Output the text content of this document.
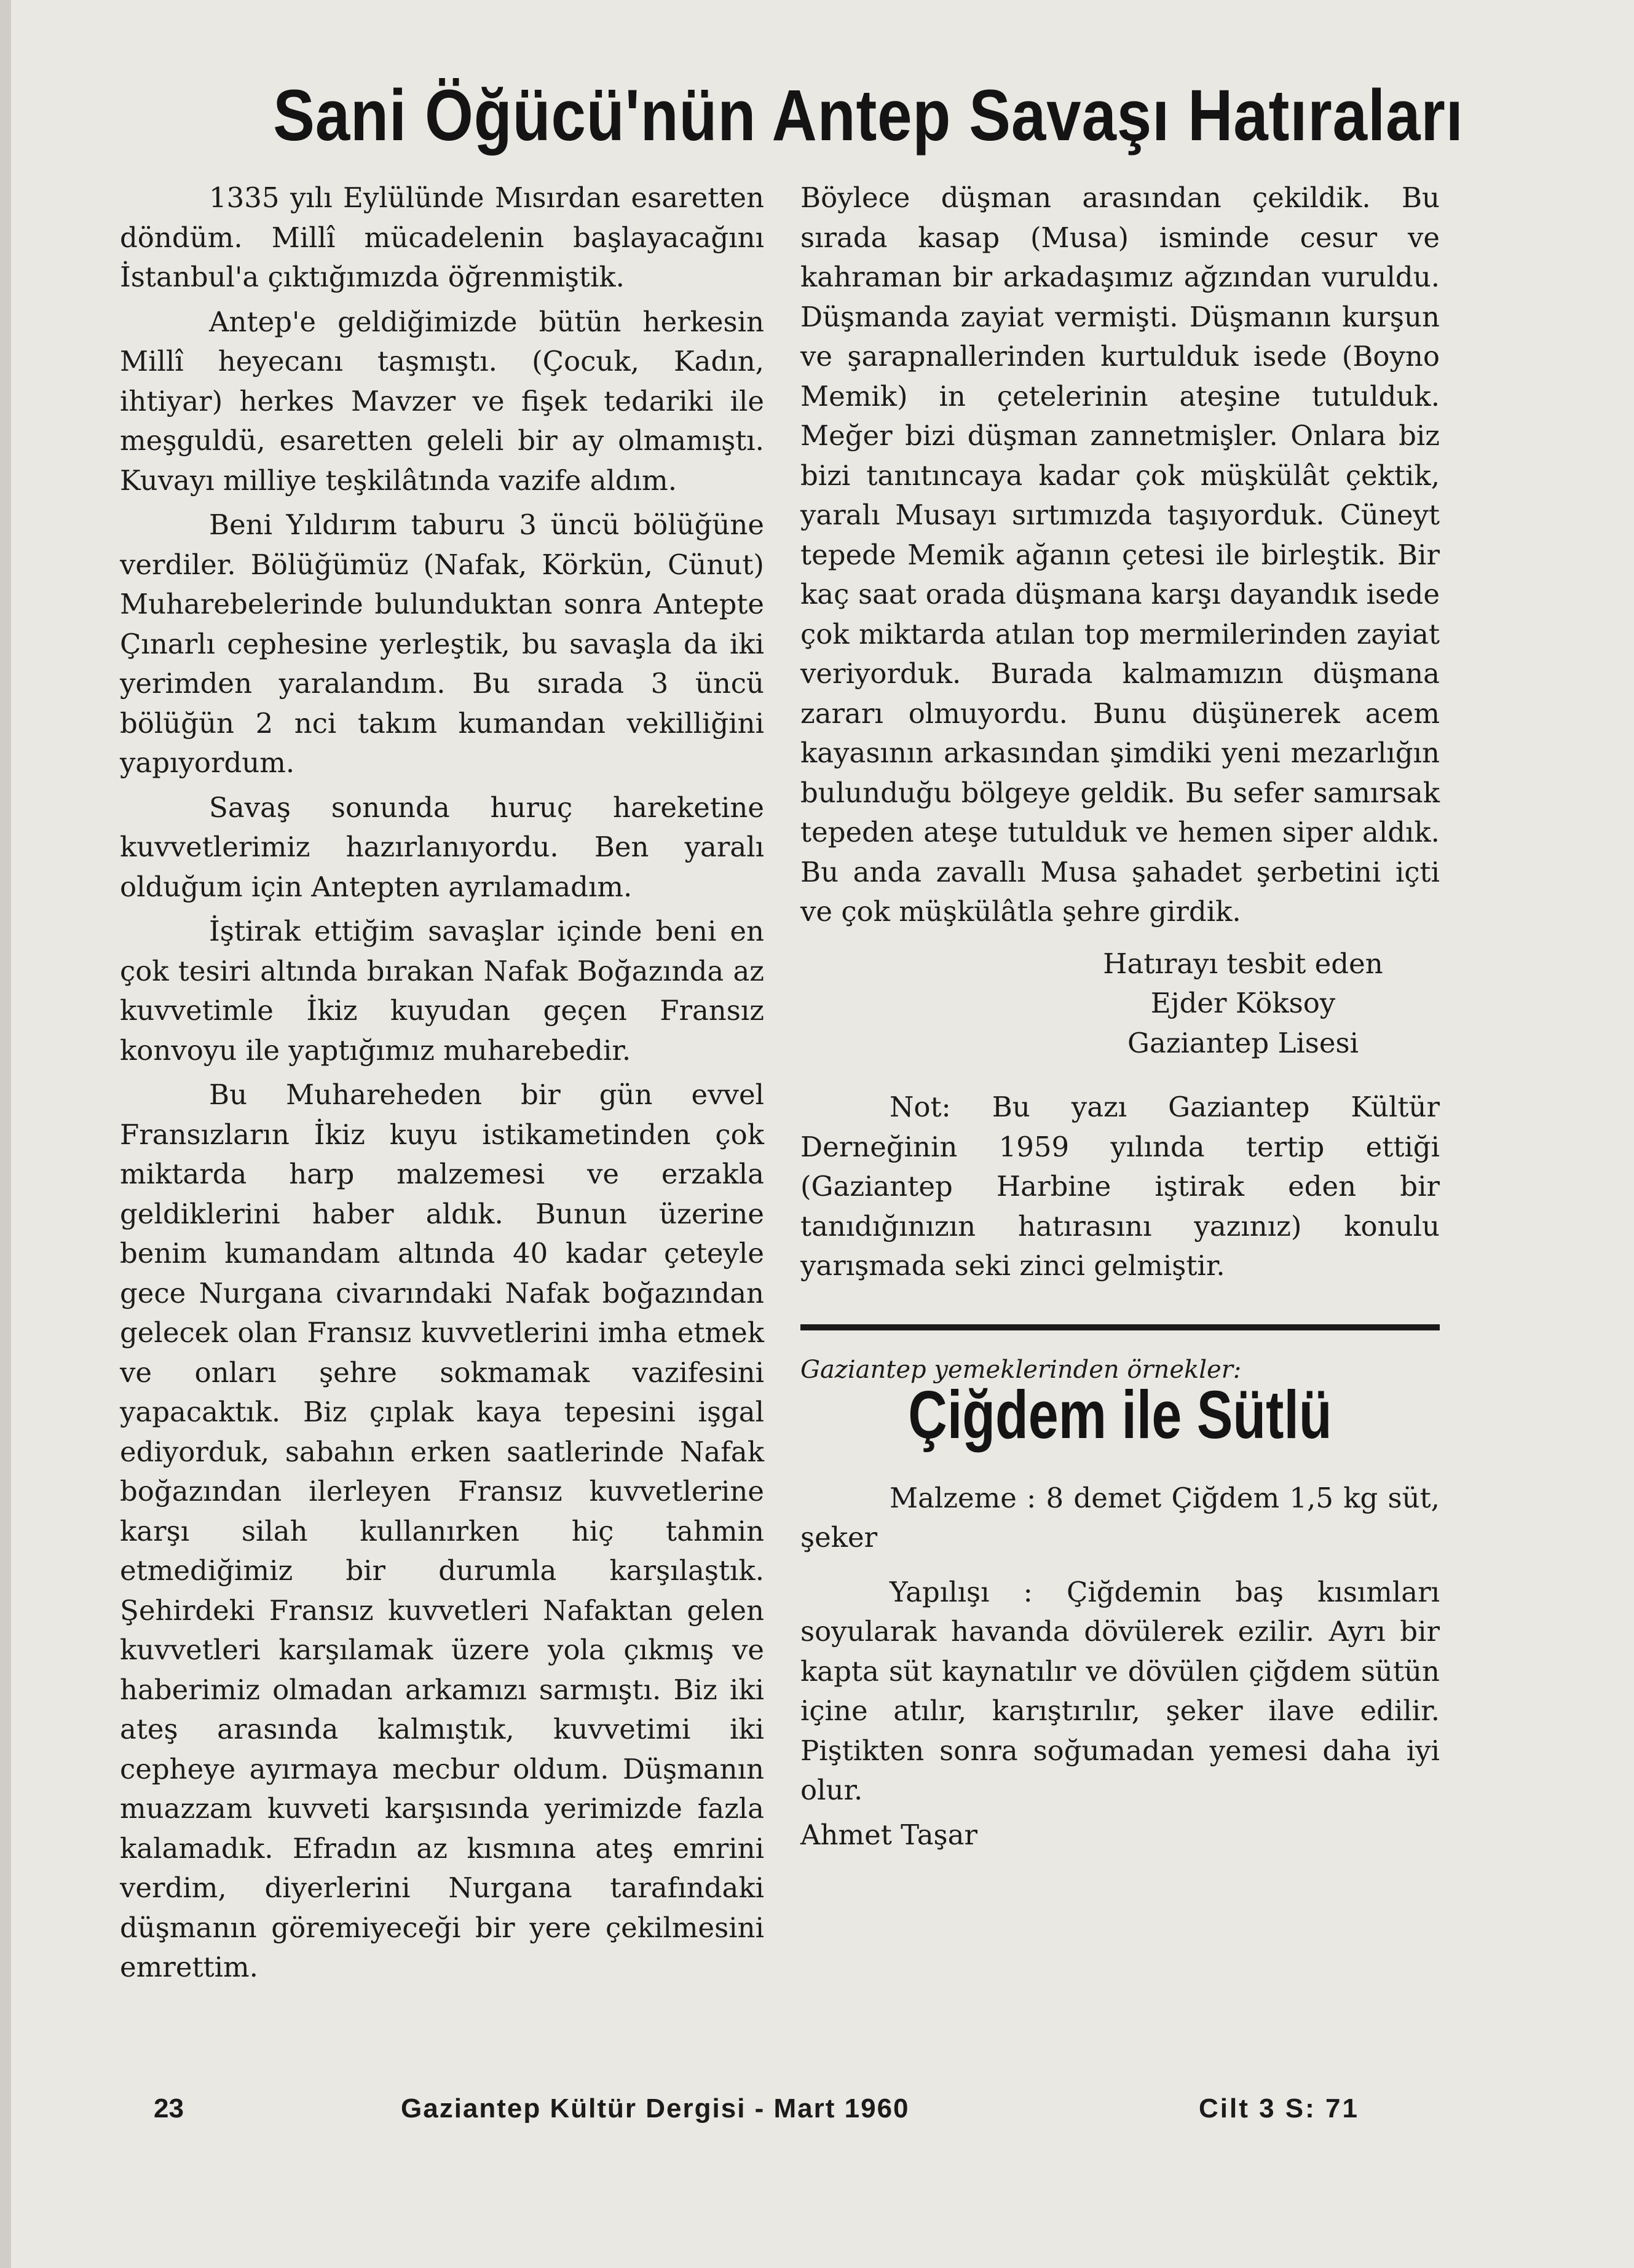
Sani Öğücü'nün Antep Savaşı Hatıraları

1335 yılı Eylülünde Mısırdan esaretten döndüm. Millî mücadelenin başlayacağını İstanbul'a çıktığımızda öğrenmiştik.

Antep'e geldiğimizde bütün herkesin Millî heyecanı taşmıştı. (Çocuk, Kadın, ihtiyar) herkes Mavzer ve fişek tedariki ile meşguldü, esaretten geleli bir ay olmamıştı. Kuvayı milliye teşkilâtında vazife aldım.

Beni Yıldırım taburu 3 üncü bölüğüne verdiler. Bölüğümüz (Nafak, Körkün, Cünut) Muharebelerinde bulunduktan sonra Antepte Çınarlı cephesine yerleştik, bu savaşla da iki yerimden yaralandım. Bu sırada 3 üncü bölüğün 2 nci takım kumandan vekilliğini yapıyordum.

Savaş sonunda huruç hareketine kuvvetlerimiz hazırlanıyordu. Ben yaralı olduğum için Antepten ayrılamadım.

İştirak ettiğim savaşlar içinde beni en çok tesiri altında bırakan Nafak Boğazında az kuvvetimle İkiz kuyudan geçen Fransız konvoyu ile yaptığımız muharebedir.

Bu Muhareheden bir gün evvel Fransızların İkiz kuyu istikametinden çok miktarda harp malzemesi ve erzakla geldiklerini haber aldık. Bunun üzerine benim kumandam altında 40 kadar çeteyle gece Nurgana civarındaki Nafak boğazından gelecek olan Fransız kuvvetlerini imha etmek ve onları şehre sokmamak vazifesini yapacaktık. Biz çıplak kaya tepesini işgal ediyorduk, sabahın erken saatlerinde Nafak boğazından ilerleyen Fransız kuvvetlerine karşı silah kullanırken hiç tahmin etmediğimiz bir durumla karşılaştık. Şehirdeki Fransız kuvvetleri Nafaktan gelen kuvvetleri karşılamak üzere yola çıkmış ve haberimiz olmadan arkamızı sarmıştı. Biz iki ateş arasında kalmıştık, kuvvetimi iki cepheye ayırmaya mecbur oldum. Düşmanın muazzam kuvveti karşısında yerimizde fazla kalamadık. Efradın az kısmına ateş emrini verdim, diyerlerini Nurgana tarafındaki düşmanın göremiyeceği bir yere çekilmesini emrettim.

Böylece düşman arasından çekildik. Bu sırada kasap (Musa) isminde cesur ve kahraman bir arkadaşımız ağzından vuruldu. Düşmanda zayiat vermişti. Düşmanın kurşun ve şarapnallerinden kurtulduk isede (Boyno Memik) in çetelerinin ateşine tutulduk. Meğer bizi düşman zannetmişler. Onlara biz bizi tanıtıncaya kadar çok müşkülât çektik, yaralı Musayı sırtımızda taşıyorduk. Cüneyt tepede Memik ağanın çetesi ile birleştik. Bir kaç saat orada düşmana karşı dayandık isede çok miktarda atılan top mermilerinden zayiat veriyorduk. Burada kalmamızın düşmana zararı olmuyordu. Bunu düşünerek acem kayasının arkasından şimdiki yeni mezarlığın bulunduğu bölgeye geldik. Bu sefer samırsak tepeden ateşe tutulduk ve hemen siper aldık. Bu anda zavallı Musa şahadet şerbetini içti ve çok müşkülâtla şehre girdik.

Hatırayı tesbit eden
Ejder Köksoy
Gaziantep Lisesi

Not: Bu yazı Gaziantep Kültür Derneğinin 1959 yılında tertip ettiği (Gaziantep Harbine iştirak eden bir tanıdığınızın hatırasını yazınız) konulu yarışmada seki zinci gelmiştir.

Gaziantep yemeklerinden örnekler:

Çiğdem ile Sütlü

Malzeme : 8 demet Çiğdem 1,5 kg süt, şeker

Yapılışı : Çiğdemin baş kısımları soyularak havanda dövülerek ezilir. Ayrı bir kapta süt kaynatılır ve dövülen çiğdem sütün içine atılır, karıştırılır, şeker ilave edilir. Piştikten sonra soğumadan yemesi daha iyi olur.

Ahmet Taşar

23	Gaziantep Kültür Dergisi - Mart 1960	Cilt 3 S: 71
